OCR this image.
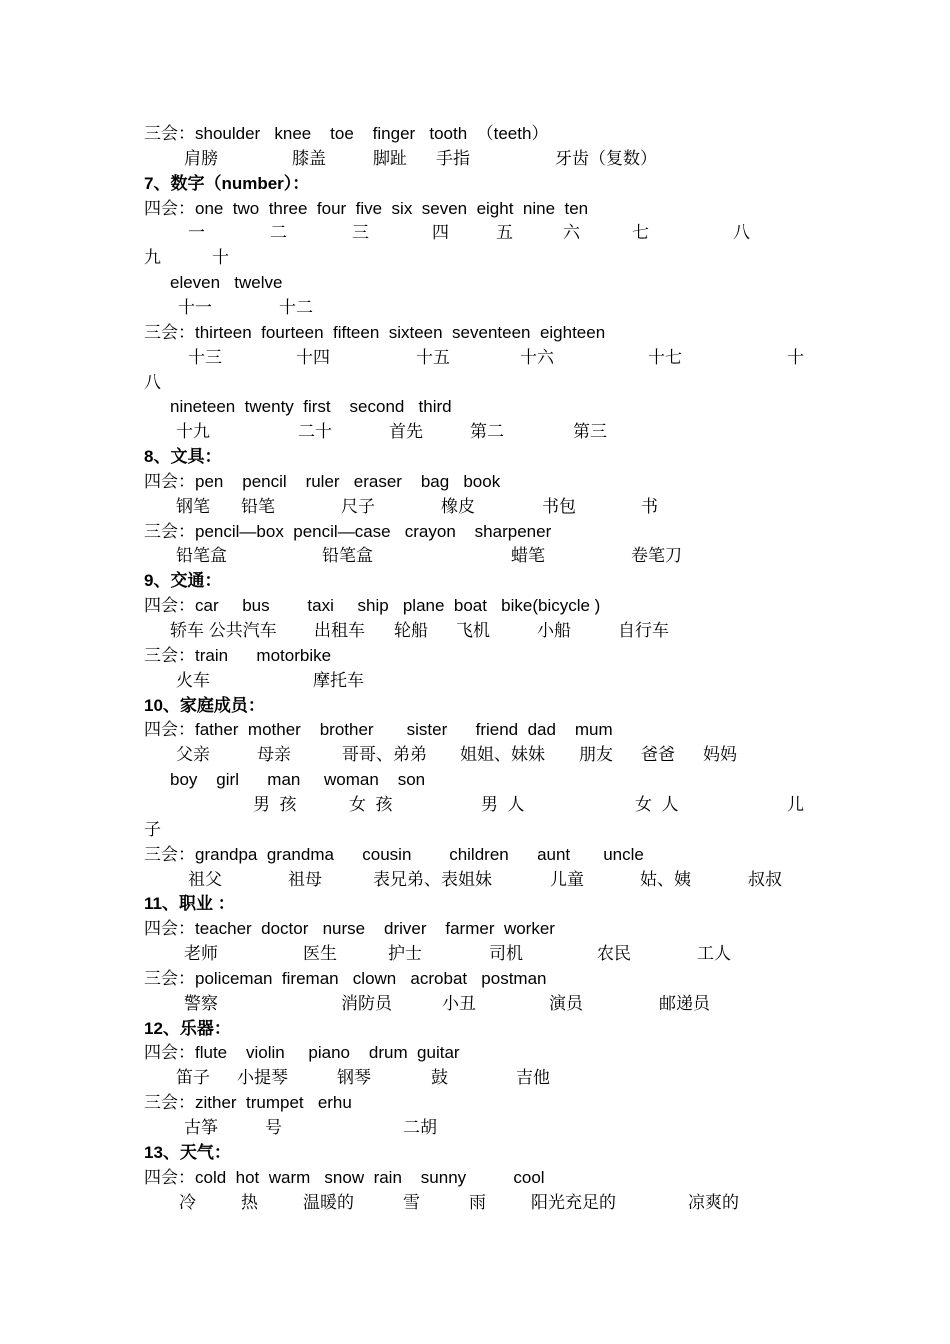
三会：shoulder   knee    toe    finger   tooth  （teeth）
肩膀	膝盖	脚趾 手指	牙齿（复数）
7、数字（number）：
四会：one  two  three  four  five  six  seven  eight  nine  ten
一	二	三	四	五	六	七	八
九	十
eleven   twelve
十一	十二
三会：thirteen  fourteen  fifteen  sixteen  seventeen  eighteen
十三	十四	十五	十六	十七	十
八
nineteen  twenty  first    second   third
十九	二十	首先	第二	第三
8、文具：
四会：pen    pencil    ruler   eraser    bag   book
钢笔 铅笔	尺子	橡皮	书包	书
三会：pencil—box  pencil—case   crayon    sharpener
铅笔盒	铅笔盒	蜡笔	卷笔刀
9、交通：
四会：car     bus        taxi     ship   plane  boat   bike(bicycle )
轿车 公共汽车 出租车 轮船 飞机	小船	自行车
三会：train      motorbike
火车	摩托车
10、家庭成员：
四会：father  mother    brother       sister      friend  dad    mum
父亲	母亲	哥哥、弟弟 姐姐、妹妹 朋友 爸爸 妈妈
boy    girl      man     woman    son
男  孩	女  孩	男  人	女  人	儿
子
三会：grandpa  grandma      cousin        children      aunt       uncle
祖父	祖母	表兄弟、表姐妹	儿童	姑、姨	叔叔
11、职业 ：
四会：teacher  doctor   nurse    driver    farmer  worker
老师	医生	护士	司机	农民	工人
三会：policeman  fireman   clown   acrobat   postman
警察	消防员	小丑	演员	邮递员
12、乐器：
四会：flute    violin     piano    drum  guitar
笛子 小提琴	钢琴	鼓	吉他
三会：zither  trumpet   erhu
古筝	号	二胡
13、天气：
四会：cold  hot  warm   snow  rain    sunny          cool
冷	热	温暖的	雪	雨	阳光充足的	凉爽的
